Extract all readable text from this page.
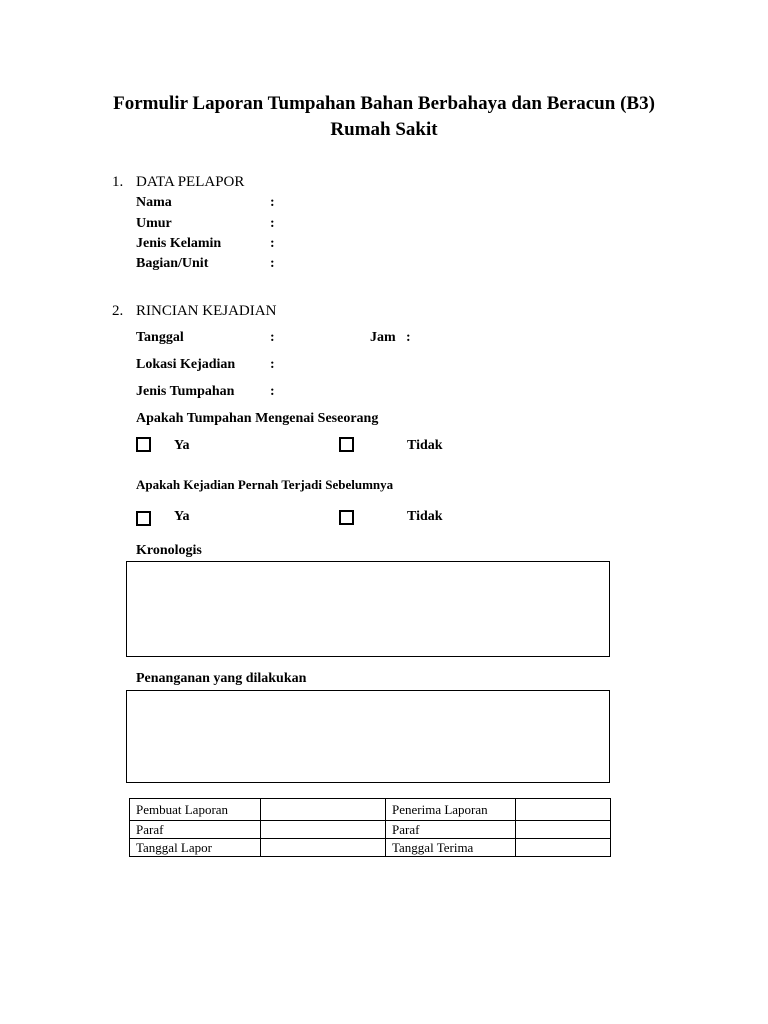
Formulir Laporan Tumpahan Bahan Berbahaya dan Beracun (B3)
Rumah Sakit
1. DATA PELAPOR
Nama	:
Umur	:
Jenis Kelamin	:
Bagian/Unit	:
2. RINCIAN KEJADIAN
Tanggal	:	Jam :
Lokasi Kejadian :
Jenis Tumpahan	:
Apakah Tumpahan Mengenai Seseorang
Ya	Tidak
Apakah Kejadian Pernah Terjadi Sebelumnya
Ya	Tidak
Kronologis
Penanganan yang dilakukan
Pembuat Laporan		Penerima Laporan	
Paraf		Paraf	
Tanggal Lapor		Tanggal Terima	
